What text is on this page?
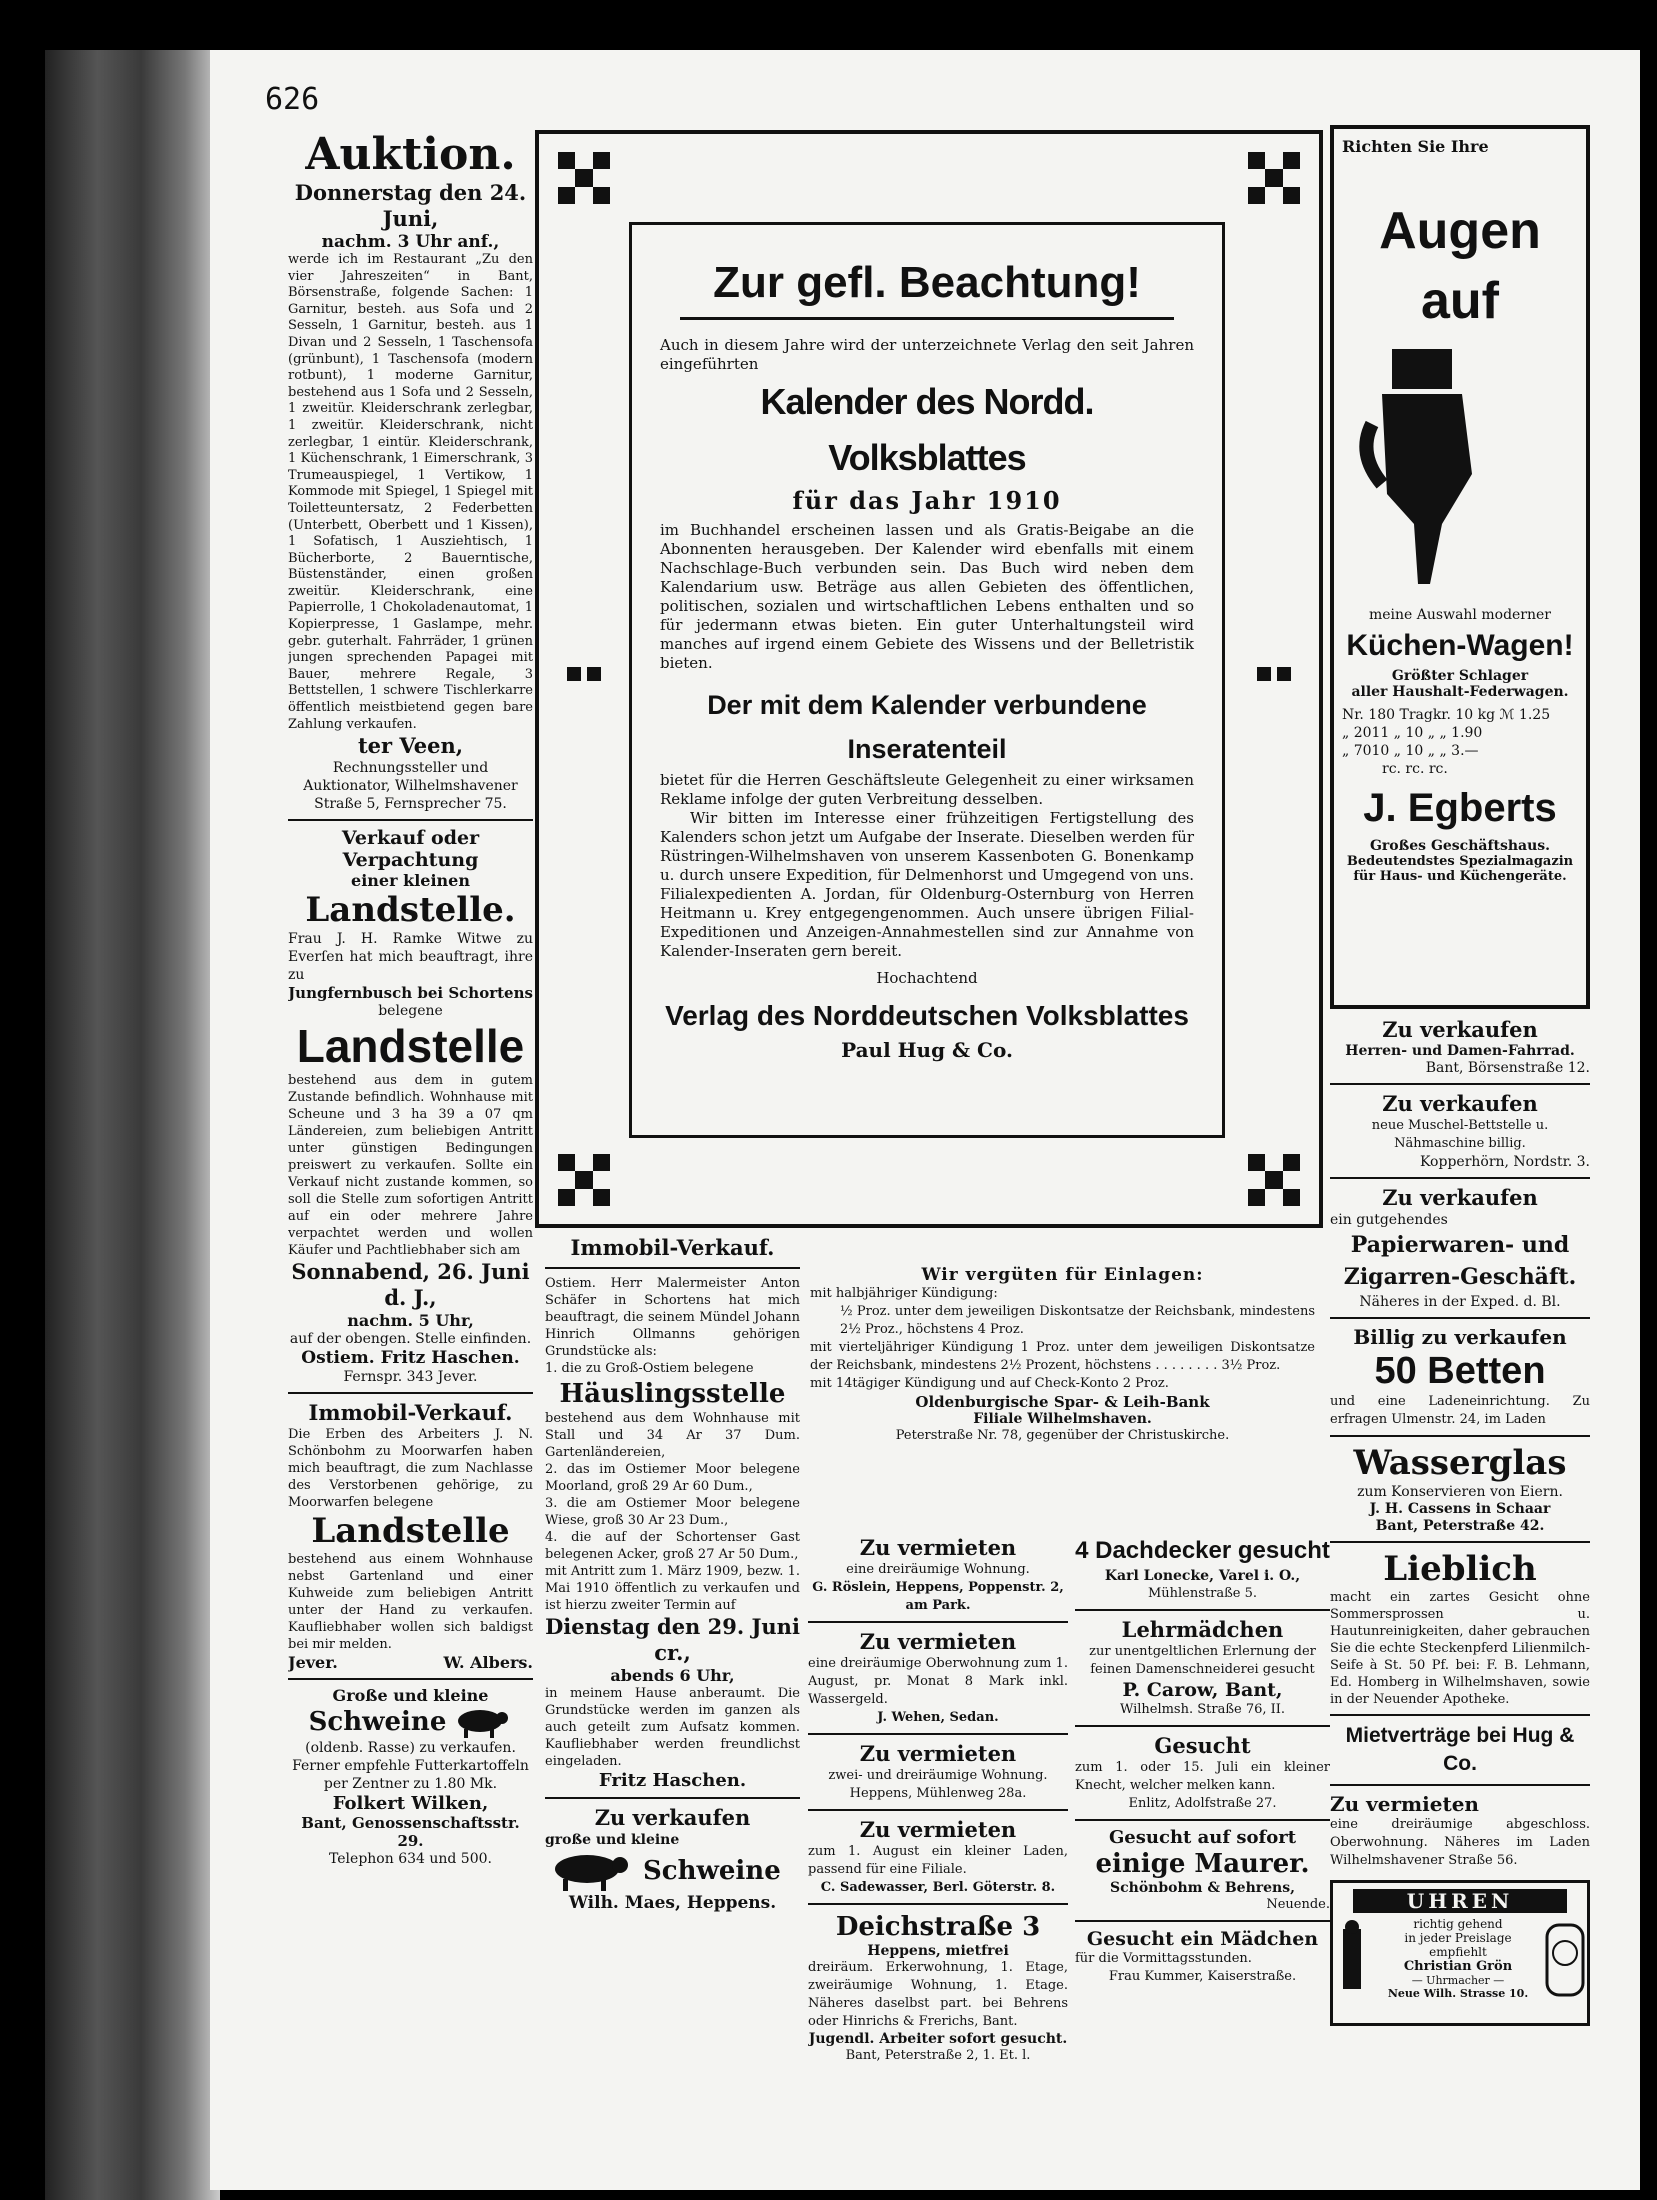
626
Auktion.
Donnerstag den 24. Juni,
nachm. 3 Uhr anf.,
werde ich im Restaurant „Zu den vier Jahreszeiten“ in Bant, Börsenstraße, folgende Sachen: 1 Garnitur, besteh. aus Sofa und 2 Sesseln, 1 Garnitur, besteh. aus 1 Divan und 2 Sesseln, 1 Taschensofa (grünbunt), 1 Taschensofa (modern rotbunt), 1 moderne Garnitur, bestehend aus 1 Sofa und 2 Sesseln, 1 zweitür. Kleiderschrank zerlegbar, 1 zweitür. Kleiderschrank, nicht zerlegbar, 1 eintür. Kleiderschrank, 1 Küchenschrank, 1 Eimerschrank, 3 Trumeauspiegel, 1 Vertikow, 1 Kommode mit Spiegel, 1 Spiegel mit Toiletteuntersatz, 2 Federbetten (Unterbett, Oberbett und 1 Kissen), 1 Sofatisch, 1 Ausziehtisch, 1 Bücherborte, 2 Bauerntische, Büstenständer, einen großen zweitür. Kleiderschrank, eine Papierrolle, 1 Chokoladenautomat, 1 Kopierpresse, 1 Gaslampe, mehr. gebr. guterhalt. Fahrräder, 1 grünen jungen sprechenden Papagei mit Bauer, mehrere Regale, 3 Bettstellen, 1 schwere Tischlerkarre öffentlich meistbietend gegen bare Zahlung verkaufen.
ter Veen,
Rechnungssteller und Auktionator, Wilhelmshavener Straße 5, Fernsprecher 75.
Verkauf oder Verpachtung
einer kleinen
Landstelle.
Frau J. H. Ramke Witwe zu Everſen hat mich beauftragt, ihre zu
Jungfernbusch bei Schortens
belegene
Landstelle
bestehend aus dem in gutem Zustande befindlich. Wohnhause mit Scheune und 3 ha 39 a 07 qm Ländereien, zum beliebigen Antritt unter günstigen Bedingungen preiswert zu verkaufen. Sollte ein Verkauf nicht zustande kommen, so soll die Stelle zum sofortigen Antritt auf ein oder mehrere Jahre verpachtet werden und wollen Käufer und Pachtliebhaber sich am
Sonnabend, 26. Juni d. J.,
nachm. 5 Uhr,
auf der obengen. Stelle einfinden.
Ostiem. Fritz Haschen.
Fernspr. 343 Jever.
Immobil-Verkauf.
Die Erben des Arbeiters J. N. Schönbohm zu Moorwarfen haben mich beauftragt, die zum Nachlasse des Verstorbenen gehörige, zu Moorwarfen belegene
Landstelle
bestehend aus einem Wohnhause nebst Gartenland und einer Kuhweide zum beliebigen Antritt unter der Hand zu verkaufen. Kaufliebhaber wollen sich baldigst bei mir melden.
Jever.	W. Albers.
Große und kleine
Schweine
(oldenb. Rasse) zu verkaufen.
Ferner empfehle Futterkartoffeln per Zentner zu 1.80 Mk.
Folkert Wilken,
Bant, Genossenschaftsstr. 29.
Telephon 634 und 500.
Zur gefl. Beachtung!
Auch in diesem Jahre wird der unterzeichnete Verlag den seit Jahren eingeführten
Kalender des Nordd. Volksblattes
für das Jahr 1910
im Buchhandel erscheinen lassen und als Gratis-Beigabe an die Abonnenten herausgeben. Der Kalender wird ebenfalls mit einem Nachschlage-Buch verbunden sein. Das Buch wird neben dem Kalendarium usw. Beträge aus allen Gebieten des öffentlichen, politischen, sozialen und wirtschaftlichen Lebens enthalten und so für jedermann etwas bieten. Ein guter Unterhaltungsteil wird manches auf irgend einem Gebiete des Wissens und der Belletristik bieten.
Der mit dem Kalender verbundene Inseratenteil
bietet für die Herren Geschäftsleute Gelegenheit zu einer wirksamen Reklame infolge der guten Verbreitung desselben.
Wir bitten im Interesse einer frühzeitigen Fertigstellung des Kalenders schon jetzt um Aufgabe der Inserate. Dieselben werden für Rüstringen-Wilhelmshaven von unserem Kassenboten G. Bonenkamp u. durch unsere Expedition, für Delmenhorst und Umgegend von uns. Filialexpedienten A. Jordan, für Oldenburg-Osternburg von Herren Heitmann u. Krey entgegengenommen. Auch unsere übrigen Filial-Expeditionen und Anzeigen-Annahmestellen sind zur Annahme von Kalender-Inseraten gern bereit.
Hochachtend
Verlag des Norddeutschen Volksblattes
Paul Hug & Co.
Immobil-Verkauf.
Ostiem. Herr Malermeister Anton Schäfer in Schortens hat mich beauftragt, die seinem Mündel Johann Hinrich Ollmanns gehörigen Grundstücke als:
1. die zu Groß-Ostiem belegene
Häuslingsstelle
bestehend aus dem Wohnhause mit Stall und 34 Ar 37 Dum. Gartenländereien,
2. das im Ostiemer Moor belegene Moorland, groß 29 Ar 60 Dum.,
3. die am Ostiemer Moor belegene Wiese, groß 30 Ar 23 Dum.,
4. die auf der Schortenser Gast belegenen Acker, groß 27 Ar 50 Dum.,
mit Antritt zum 1. März 1909, bezw. 1. Mai 1910 öffentlich zu verkaufen und ist hierzu zweiter Termin auf
Dienstag den 29. Juni cr.,
abends 6 Uhr,
in meinem Hause anberaumt. Die Grundstücke werden im ganzen als auch geteilt zum Aufsatz kommen. Kaufliebhaber werden freundlichst eingeladen.
Fritz Haschen.
Zu verkaufen
große und kleine
Schweine
Wilh. Maes, Heppens.
Wir vergüten für Einlagen:
mit halbjähriger Kündigung:
½ Proz. unter dem jeweiligen Diskontsatze der Reichsbank, mindestens 2½ Proz., höchstens 4 Proz.
mit vierteljähriger Kündigung 1 Proz. unter dem jeweiligen Diskontsatze der Reichsbank, mindestens 2½ Prozent, höchstens . . . . . . . . 3½ Proz.
mit 14tägiger Kündigung und auf Check-Konto 2 Proz.
Oldenburgische Spar- & Leih-Bank
Filiale Wilhelmshaven.
Peterstraße Nr. 78, gegenüber der Christuskirche.
Zu vermieten
eine dreiräumige Wohnung.
G. Röslein, Heppens, Poppenstr. 2, am Park.
Zu vermieten
eine dreiräumige Oberwohnung zum 1. August, pr. Monat 8 Mark inkl. Wassergeld.
J. Wehen, Sedan.
Zu vermieten
zwei- und dreiräumige Wohnung.
Heppens, Mühlenweg 28a.
Zu vermieten
zum 1. August ein kleiner Laden, passend für eine Filiale.
C. Sadewasser, Berl. Göterstr. 8.
Deichstraße 3
Heppens, mietfrei
dreiräum. Erkerwohnung, 1. Etage, zweiräumige Wohnung, 1. Etage. Näheres daselbst part. bei Behrens oder Hinrichs & Frerichs, Bant.
Jugendl. Arbeiter sofort gesucht.
Bant, Peterstraße 2, 1. Et. l.
4 Dachdecker gesucht
Karl Lonecke, Varel i. O.,
Mühlenstraße 5.
Lehrmädchen
zur unentgeltlichen Erlernung der feinen Damenschneiderei gesucht
P. Carow, Bant,
Wilhelmsh. Straße 76, II.
Gesucht
zum 1. oder 15. Juli ein kleiner Knecht, welcher melken kann.
Enlitz, Adolfstraße 27.
Gesucht auf sofort
einige Maurer.
Schönbohm & Behrens,
Neuende.
Gesucht ein Mädchen
für die Vormittagsstunden.
Frau Kummer, Kaiserstraße.
Richten Sie Ihre
Augen auf
meine Auswahl moderner
Küchen-Wagen!
Größter Schlager
aller Haushalt-Federwagen.
Nr. 180 Tragkr. 10 kg ℳ 1.25
„ 2011 „ 10 „ „ 1.90
„ 7010 „ 10 „ „ 3.—
rc. rc. rc.
J. Egberts
Großes Geschäftshaus.
Bedeutendstes Spezialmagazin für Haus- und Küchengeräte.
Zu verkaufen
Herren- und Damen-Fahrrad.
Bant, Börsenstraße 12.
Zu verkaufen
neue Muschel-Bettstelle u. Nähmaschine billig.
Kopperhörn, Nordstr. 3.
Zu verkaufen
ein gutgehendes
Papierwaren- und Zigarren-Geschäft.
Näheres in der Exped. d. Bl.
Billig zu verkaufen
50 Betten
und eine Ladeneinrichtung. Zu erfragen Ulmenstr. 24, im Laden
Wasserglas
zum Konservieren von Eiern.
J. H. Cassens in Schaar
Bant, Peterstraße 42.
Lieblich
macht ein zartes Gesicht ohne Sommersprossen u. Hautunreinigkeiten, daher gebrauchen Sie die echte Steckenpferd Lilienmilch-Seife à St. 50 Pf. bei: F. B. Lehmann, Ed. Homberg in Wilhelmshaven, sowie in der Neuender Apotheke.
Mietverträge bei Hug & Co.
Zu vermieten
eine dreiräumige abgeschloss. Oberwohnung. Näheres im Laden Wilhelmshavener Straße 56.
UHREN
richtig gehend
in jeder Preislage
empfiehlt
Christian Grön
— Uhrmacher —
Neue Wilh. Strasse 10.
